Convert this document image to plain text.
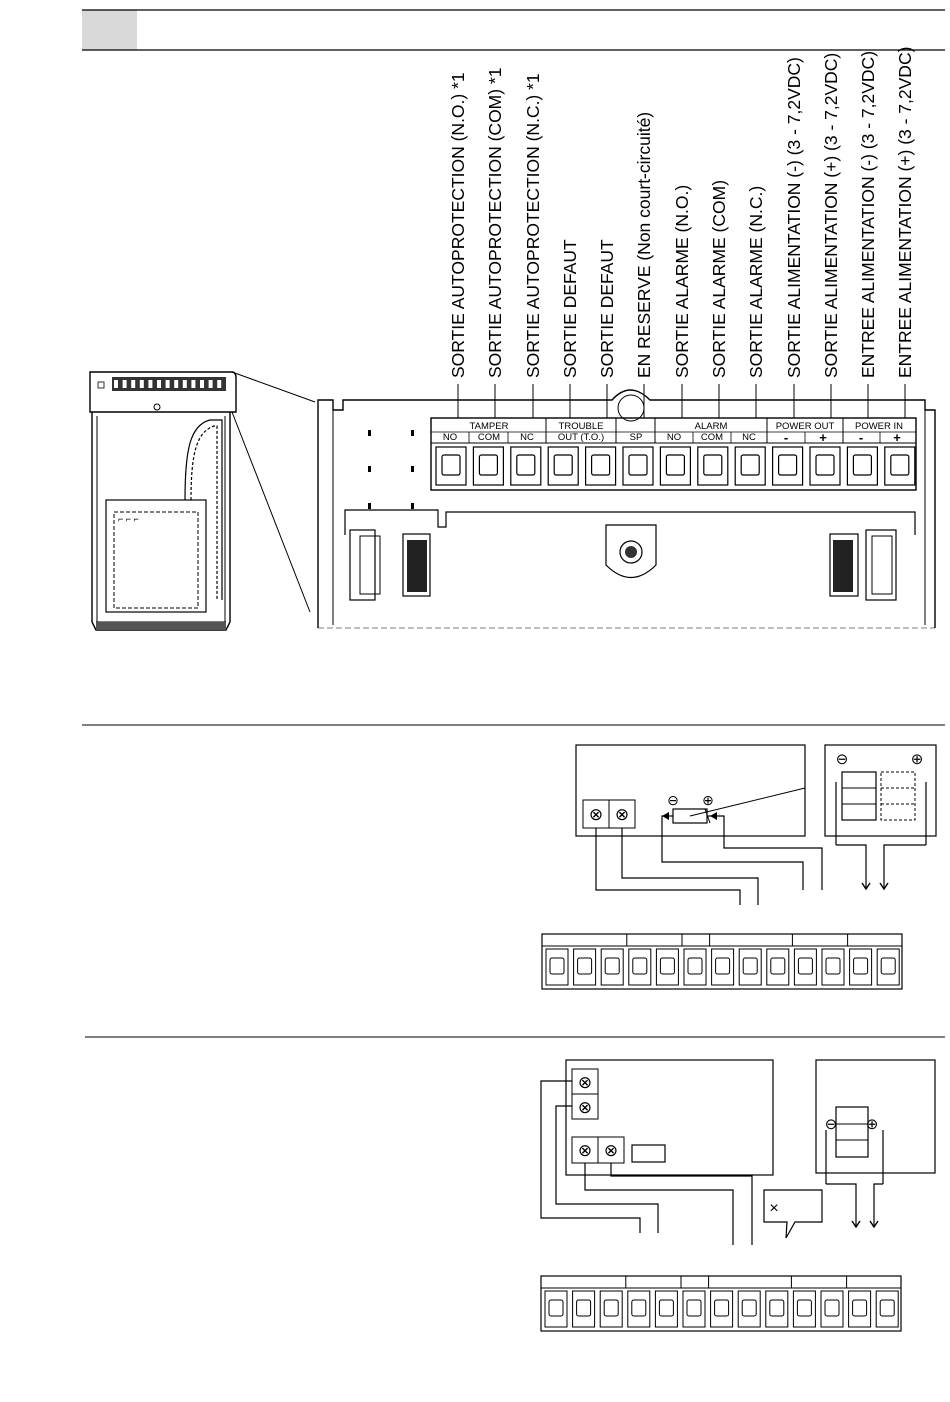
⌐ ⌐ ⌐
SORTIE AUTOPROTECTION (N.O.) *1 SORTIE AUTOPROTECTION (COM) *1 SORTIE AUTOPROTECTION (N.C.) *1 SORTIE DEFAUT SORTIE DEFAUT EN RESERVE (Non court-circuité) SORTIE ALARME (N.O.) SORTIE ALARME (COM) SORTIE ALARME (N.C.) SORTIE ALIMENTATION (-) (3 - 7,2VDC) SORTIE ALIMENTATION (+) (3 - 7,2VDC) ENTREE ALIMENTATION (-) (3 - 7,2VDC) ENTREE ALIMENTATION (+) (3 - 7,2VDC)
TAMPER
NO COM NC
TROUBLE
OUT (T.O.)	SP
ALARM
NO COM NC
POWER OUT
- +
POWER IN
- +
⊗ ⊗
⊖ ⊕
⊖	⊕
⊗
⊗
⊗ ⊗
×
⊖ ⊕
